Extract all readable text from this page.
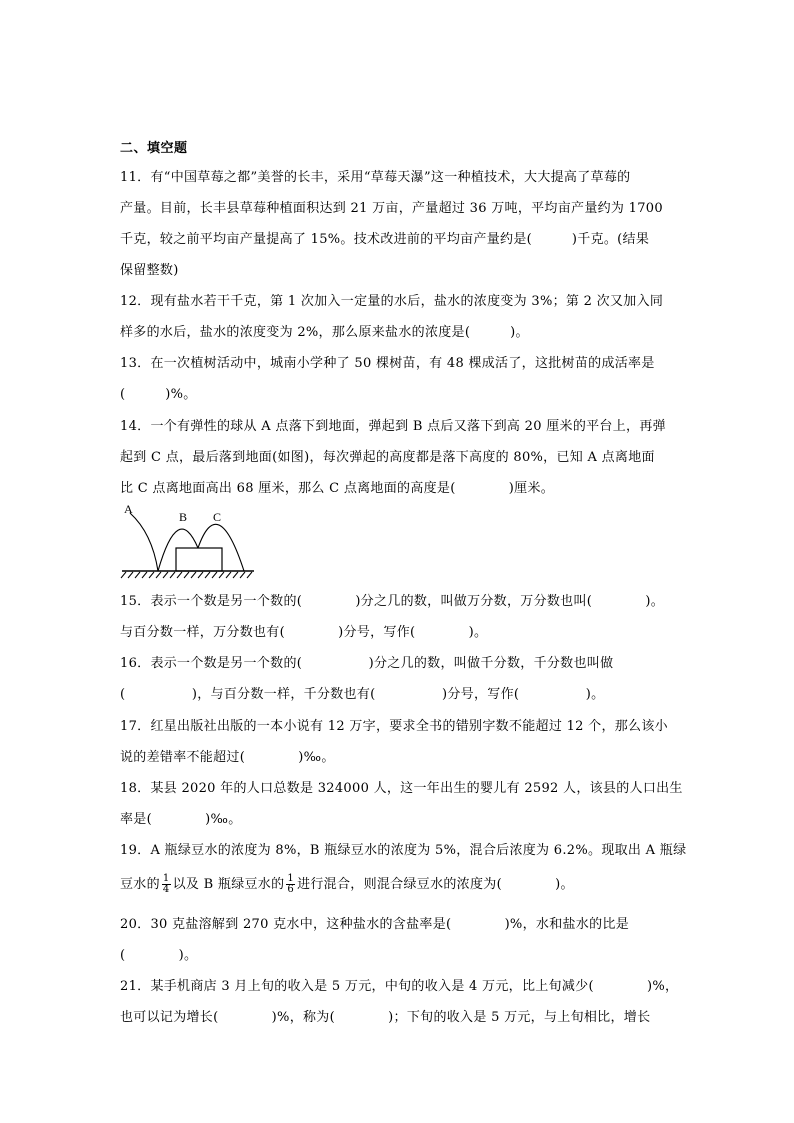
二、填空题
11．有“中国草莓之都”美誉的长丰，采用“草莓天瀑”这一种植技术，大大提高了草莓的
产量。目前，长丰县草莓种植面积达到 21 万亩，产量超过 36 万吨，平均亩产量约为 1700
千克，较之前平均亩产量提高了 15%。技术改进前的平均亩产量约是(　　　)千克。(结果
保留整数)
12．现有盐水若干千克，第 1 次加入一定量的水后，盐水的浓度变为 3%；第 2 次又加入同
样多的水后，盐水的浓度变为 2%，那么原来盐水的浓度是(　　　)。
13．在一次植树活动中，城南小学种了 50 棵树苗，有 48 棵成活了，这批树苗的成活率是
(　　　)%。
14．一个有弹性的球从 A 点落下到地面，弹起到 B 点后又落下到高 20 厘米的平台上，再弹
起到 C 点，最后落到地面(如图)，每次弹起的高度都是落下高度的 80%，已知 A 点离地面
比 C 点离地面高出 68 厘米，那么 C 点离地面的高度是(　　　　)厘米。
A
B C
15．表示一个数是另一个数的(　　　　)分之几的数，叫做万分数，万分数也叫(　　　　)。
与百分数一样，万分数也有(　　　　)分号，写作(　　　　)。
16．表示一个数是另一个数的(　　　　　)分之几的数，叫做千分数，千分数也叫做
(　　　　　)，与百分数一样，千分数也有(　　　　　)分号，写作(　　　　　)。
17．红星出版社出版的一本小说有 12 万字，要求全书的错别字数不能超过 12 个，那么该小
说的差错率不能超过(　　　　)‰。
18．某县 2020 年的人口总数是 324000 人，这一年出生的婴儿有 2592 人，该县的人口出生
率是(　　　　)‰。
19．A 瓶绿豆水的浓度为 8%，B 瓶绿豆水的浓度为 5%，混合后浓度为 6.2%。现取出 A 瓶绿
豆水的 $\frac{1}{4}$ 以及 B 瓶绿豆水的 $\frac{1}{6}$ 进行混合，则混合绿豆水的浓度为(　　　　)。
20．30 克盐溶解到 270 克水中，这种盐水的含盐率是(　　　　)%，水和盐水的比是
(　　　　)。
21．某手机商店 3 月上旬的收入是 5 万元，中旬的收入是 4 万元，比上旬减少(　　　　)%，
也可以记为增长(　　　　)%，称为(　　　　)；下旬的收入是 5 万元，与上旬相比，增长
